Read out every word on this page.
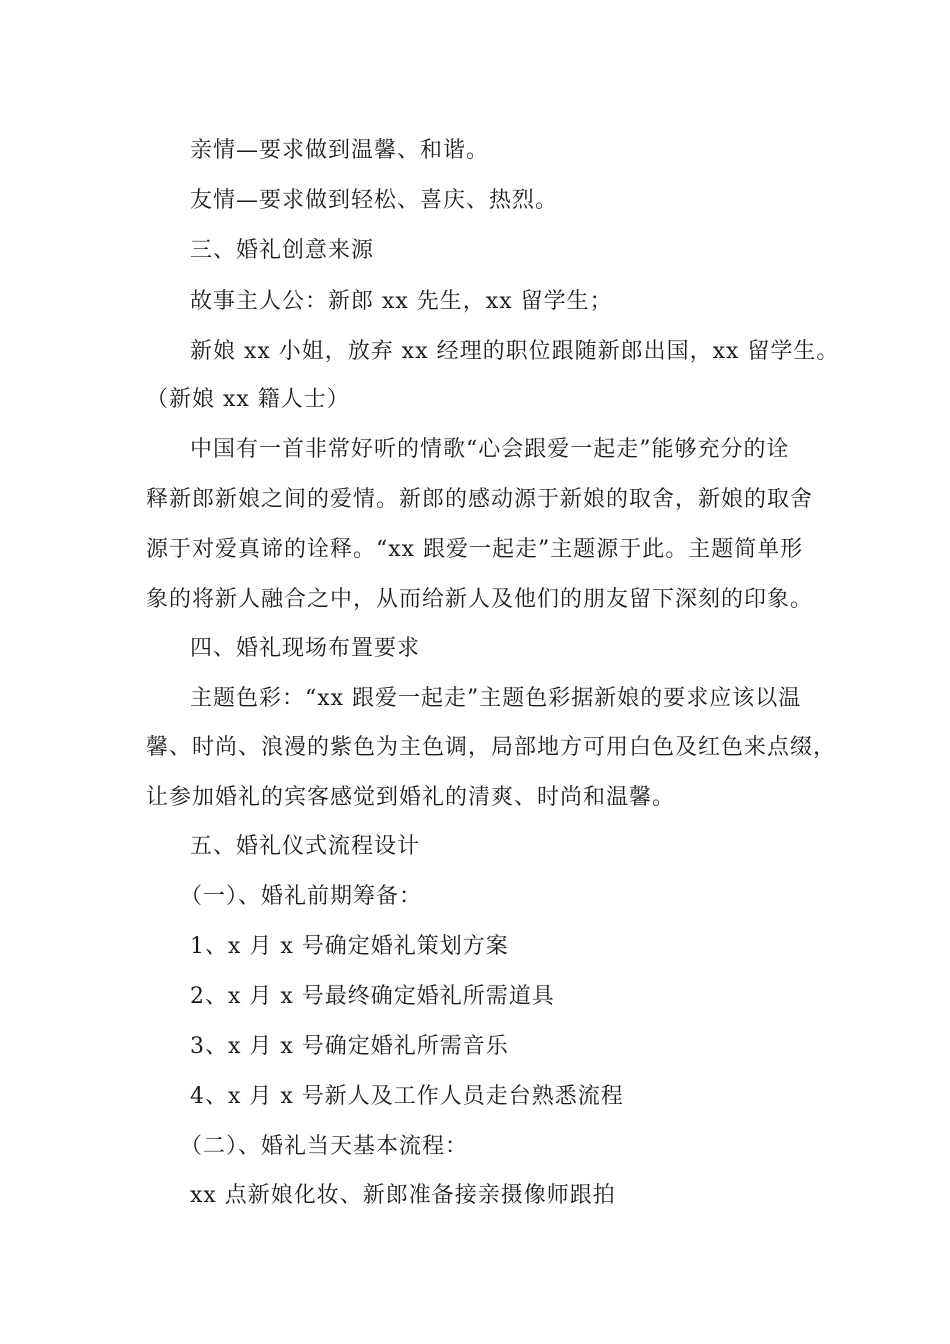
亲情—要求做到温馨、和谐。
友情—要求做到轻松、喜庆、热烈。
三、婚礼创意来源
故事主人公：新郎 xx 先生，xx 留学生；
新娘 xx 小姐，放弃 xx 经理的职位跟随新郎出国，xx 留学生。
（新娘 xx 籍人士）
中国有一首非常好听的情歌“心会跟爱一起走”能够充分的诠
释新郎新娘之间的爱情。新郎的感动源于新娘的取舍，新娘的取舍
源于对爱真谛的诠释。“xx 跟爱一起走”主题源于此。主题简单形
象的将新人融合之中，从而给新人及他们的朋友留下深刻的印象。
四、婚礼现场布置要求
主题色彩：“xx 跟爱一起走”主题色彩据新娘的要求应该以温
馨、时尚、浪漫的紫色为主色调，局部地方可用白色及红色来点缀，
让参加婚礼的宾客感觉到婚礼的清爽、时尚和温馨。
五、婚礼仪式流程设计
（一）、婚礼前期筹备：
1、x 月 x 号确定婚礼策划方案
2、x 月 x 号最终确定婚礼所需道具
3、x 月 x 号确定婚礼所需音乐
4、x 月 x 号新人及工作人员走台熟悉流程
（二）、婚礼当天基本流程：
xx 点新娘化妆、新郎准备接亲摄像师跟拍
